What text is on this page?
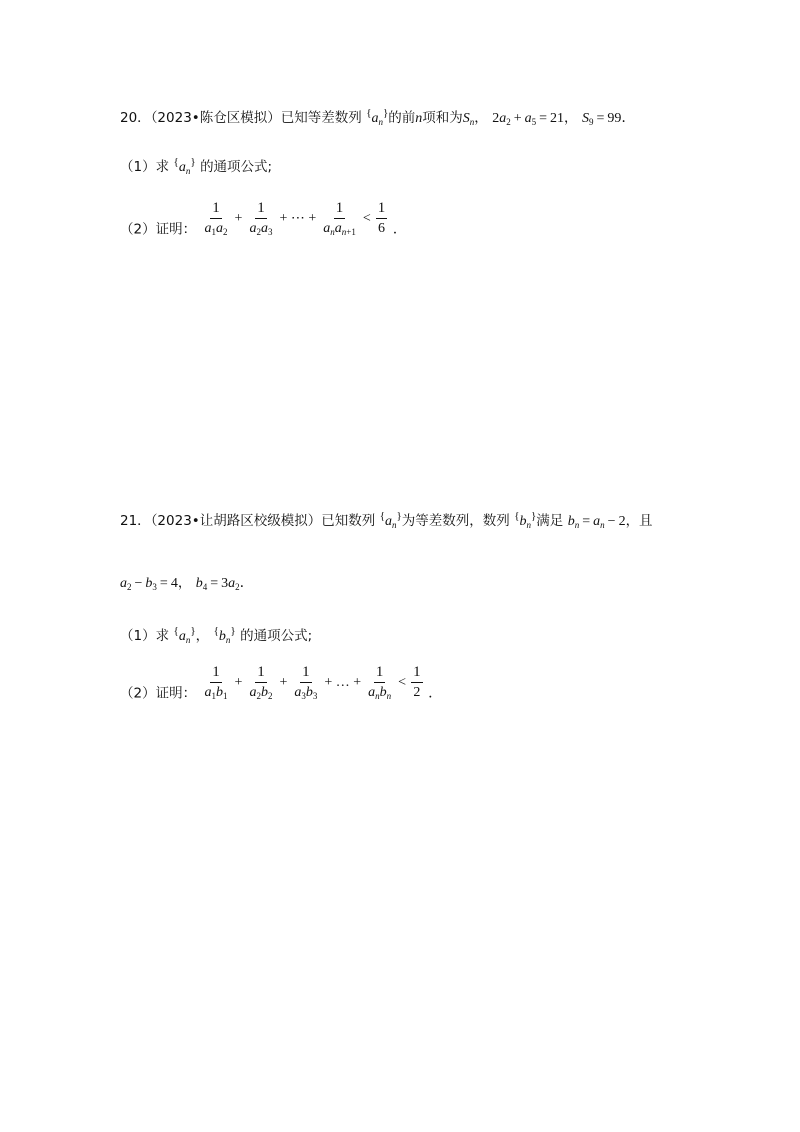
20．（2023•陈仓区模拟）已知等差数列 $^{\{}a_n^{\}}$的前n项和为$S_n$， $2a_2 + a_5 = 21$， $S_9 = 99$.
（1）求 $^{\{}a_n^{\}}$ 的通项公式;
（2）证明： $\frac{1}{a_1a_2} + \frac{1}{a_2a_3}$ + ⋯ + $\frac{1}{a_na_{n+1}} < \frac{1}{6}$ .
21．（2023•让胡路区校级模拟）已知数列 $^{\{}a_n^{\}}$为等差数列，数列 $^{\{}b_n^{\}}$满足 $b_n = a_n - 2$，且
$a_2 - b_3 = 4$， $b_4 = 3a_2$.
（1）求 $^{\{}a_n^{\}}$， $^{\{}b_n^{\}}$ 的通项公式;
（2）证明： $\frac{1}{a_1b_1} + \frac{1}{a_2b_2} + \frac{1}{a_3b_3}$ + … + $\frac{1}{a_nb_n} < \frac{1}{2}$ .
